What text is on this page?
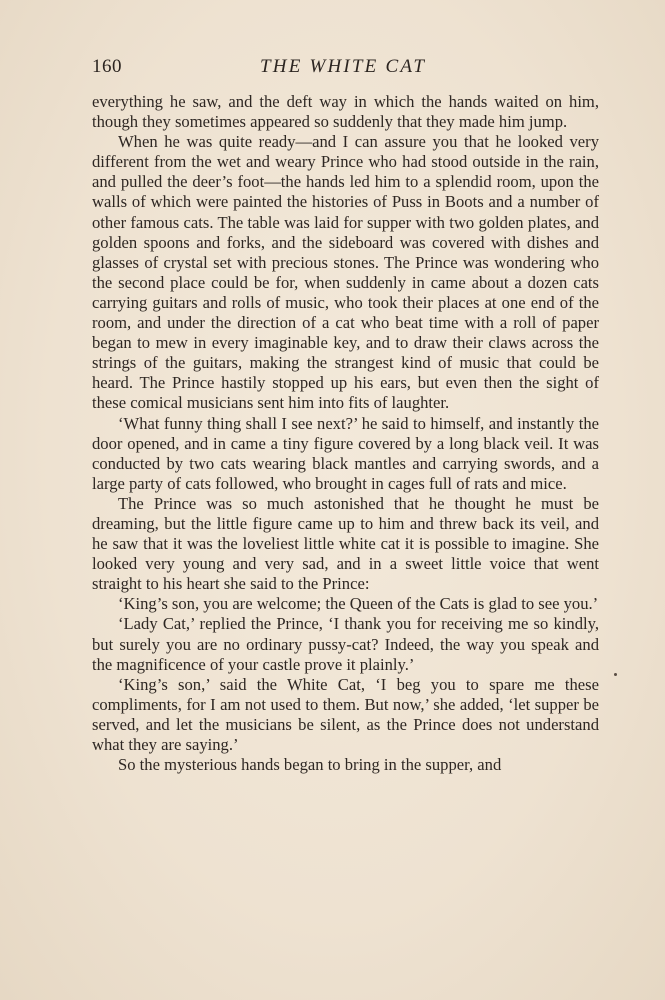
160	THE WHITE CAT

everything he saw, and the deft way in which the hands waited on him, though they sometimes appeared so suddenly that they made him jump.

When he was quite ready—and I can assure you that he looked very different from the wet and weary Prince who had stood outside in the rain, and pulled the deer’s foot—the hands led him to a splendid room, upon the walls of which were painted the histories of Puss in Boots and a number of other famous cats. The table was laid for supper with two golden plates, and golden spoons and forks, and the sideboard was covered with dishes and glasses of crystal set with precious stones. The Prince was wondering who the second place could be for, when suddenly in came about a dozen cats carrying guitars and rolls of music, who took their places at one end of the room, and under the direction of a cat who beat time with a roll of paper began to mew in every imaginable key, and to draw their claws across the strings of the guitars, making the strangest kind of music that could be heard. The Prince hastily stopped up his ears, but even then the sight of these comical musicians sent him into fits of laughter.

‘What funny thing shall I see next?’ he said to himself, and instantly the door opened, and in came a tiny figure covered by a long black veil. It was conducted by two cats wearing black mantles and carrying swords, and a large party of cats followed, who brought in cages full of rats and mice.

The Prince was so much astonished that he thought he must be dreaming, but the little figure came up to him and threw back its veil, and he saw that it was the loveliest little white cat it is possible to imagine. She looked very young and very sad, and in a sweet little voice that went straight to his heart she said to the Prince:

‘King’s son, you are welcome; the Queen of the Cats is glad to see you.’

‘Lady Cat,’ replied the Prince, ‘I thank you for receiving me so kindly, but surely you are no ordinary pussy-cat? Indeed, the way you speak and the magnificence of your castle prove it plainly.’

‘King’s son,’ said the White Cat, ‘I beg you to spare me these compliments, for I am not used to them. But now,’ she added, ‘let supper be served, and let the musicians be silent, as the Prince does not understand what they are saying.’

So the mysterious hands began to bring in the supper, and
